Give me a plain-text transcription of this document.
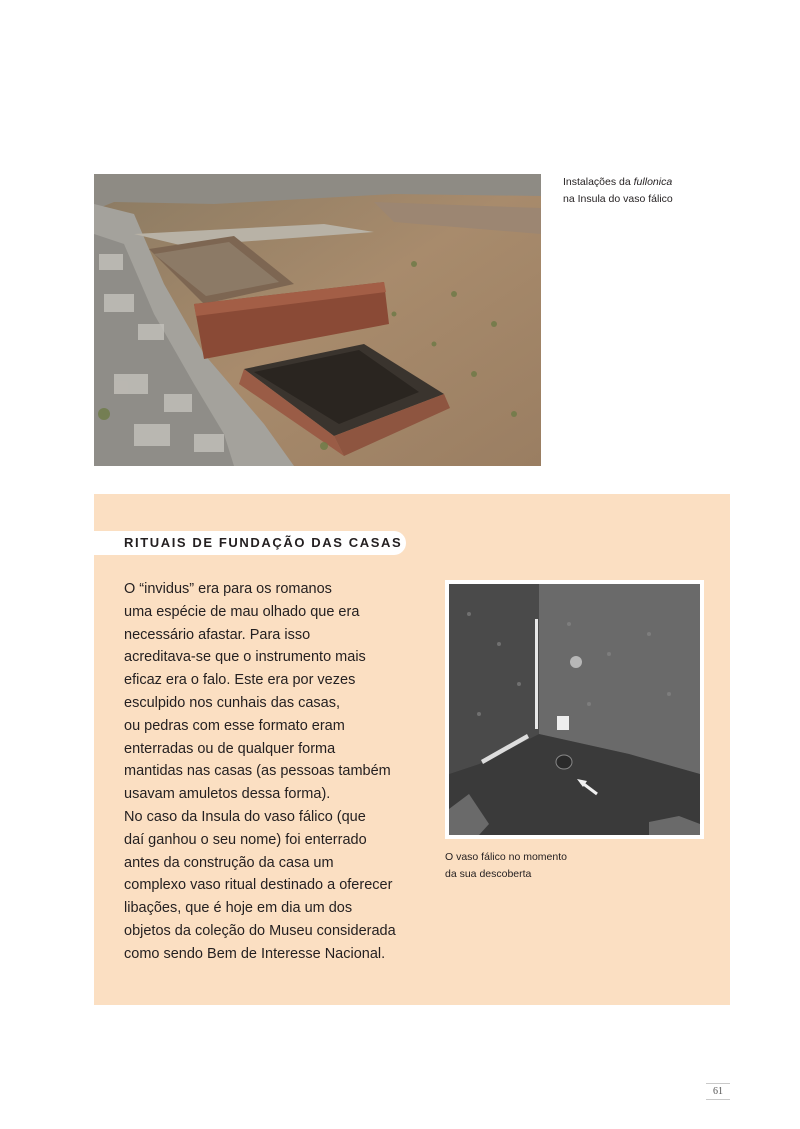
Instalações da fullonica
na Insula do vaso fálico
RITUAIS DE FUNDAÇÃO DAS CASAS

O “invidus” era para os romanos

uma espécie de mau olhado que era

necessário afastar. Para isso

acreditava-se que o instrumento mais

eficaz era o falo. Este era por vezes

esculpido nos cunhais das casas,

ou pedras com esse formato eram

enterradas ou de qualquer forma

mantidas nas casas (as pessoas também

usavam amuletos dessa forma).

No caso da Insula do vaso fálico (que

daí ganhou o seu nome) foi enterrado

antes da construção da casa um

complexo vaso ritual destinado a oferecer

libações, que é hoje em dia um dos

objetos da coleção do Museu considerada

como sendo Bem de Interesse Nacional.

O vaso fálico no momento
da sua descoberta
61
